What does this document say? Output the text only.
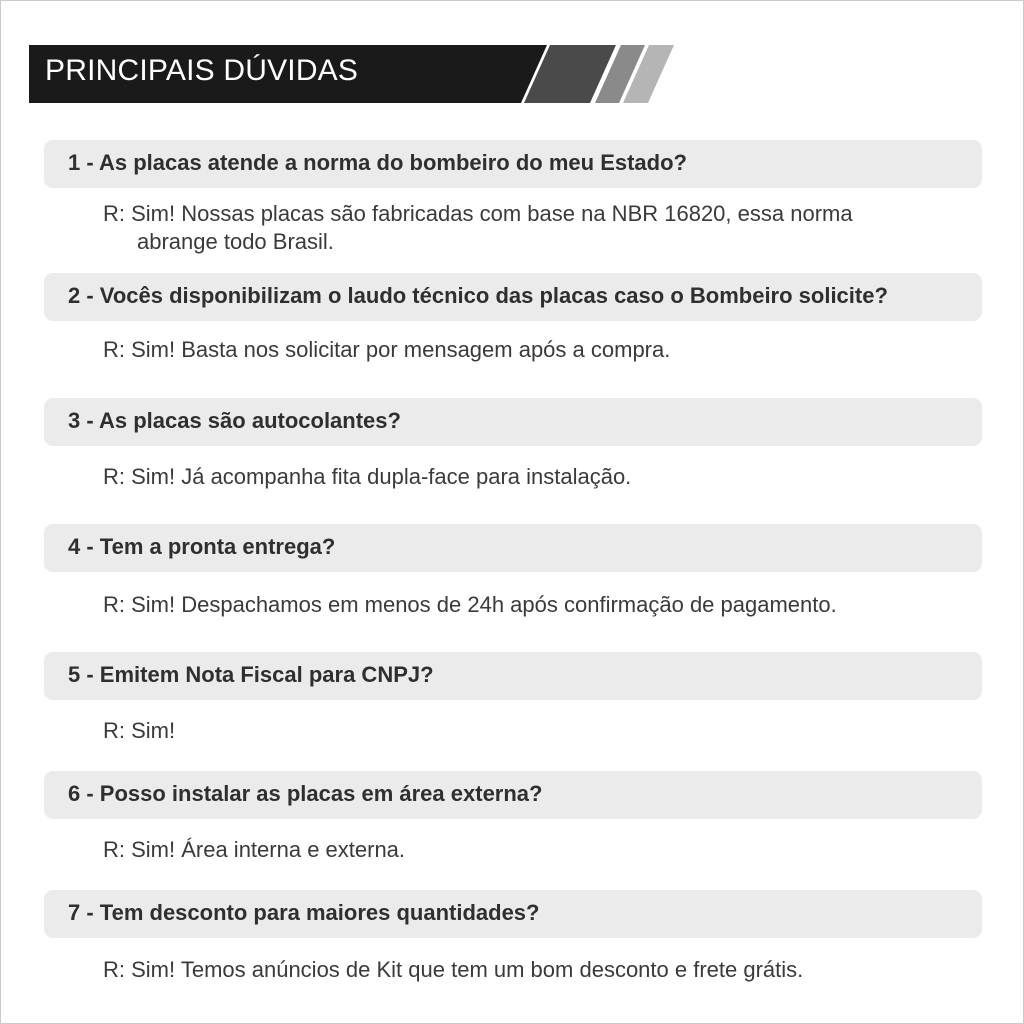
PRINCIPAIS DÚVIDAS
1 - As placas atende a norma do bombeiro do meu Estado?
R: Sim! Nossas placas são fabricadas com base na NBR 16820, essa norma
abrange todo Brasil.
2 - Vocês disponibilizam o laudo técnico das placas caso o Bombeiro solicite?
R: Sim! Basta nos solicitar por mensagem após a compra.
3 - As placas são autocolantes?
R: Sim! Já acompanha fita dupla-face para instalação.
4 - Tem a pronta entrega?
R: Sim! Despachamos em menos de 24h após confirmação de pagamento.
5 - Emitem Nota Fiscal para CNPJ?
R: Sim!
6 - Posso instalar as placas em área externa?
R: Sim! Área interna e externa.
7 - Tem desconto para maiores quantidades?
R: Sim! Temos anúncios de Kit que tem um bom desconto e frete grátis.
